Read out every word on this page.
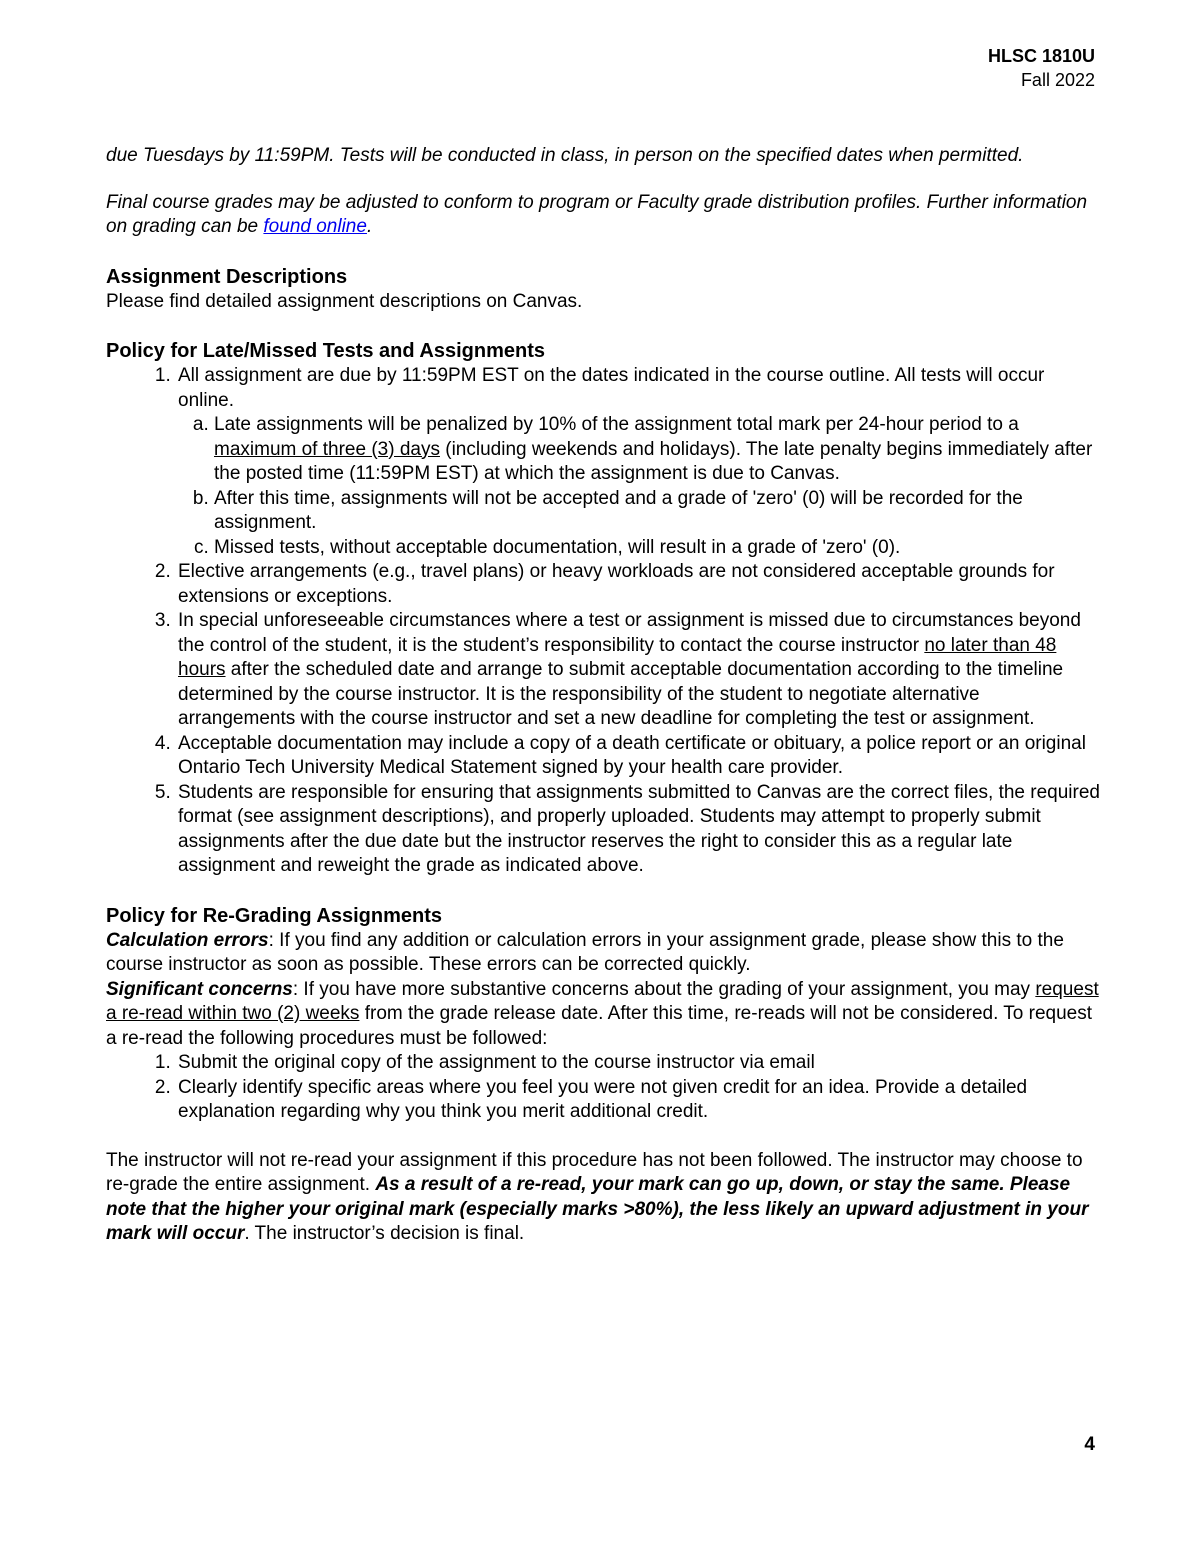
HLSC 1810U
Fall 2022

due Tuesdays by 11:59PM. Tests will be conducted in class, in person on the specified dates when permitted.

Final course grades may be adjusted to conform to program or Faculty grade distribution profiles. Further information on grading can be found online.

Assignment Descriptions

Please find detailed assignment descriptions on Canvas.

Policy for Late/Missed Tests and Assignments
1. All assignment are due by 11:59PM EST on the dates indicated in the course outline. All tests will occur online.
a. Late assignments will be penalized by 10% of the assignment total mark per 24-hour period to a maximum of three (3) days (including weekends and holidays). The late penalty begins immediately after the posted time (11:59PM EST) at which the assignment is due to Canvas.
b. After this time, assignments will not be accepted and a grade of 'zero' (0) will be recorded for the assignment.
c. Missed tests, without acceptable documentation, will result in a grade of 'zero' (0).
2. Elective arrangements (e.g., travel plans) or heavy workloads are not considered acceptable grounds for extensions or exceptions.
3. In special unforeseeable circumstances where a test or assignment is missed due to circumstances beyond the control of the student, it is the student’s responsibility to contact the course instructor no later than 48 hours after the scheduled date and arrange to submit acceptable documentation according to the timeline determined by the course instructor. It is the responsibility of the student to negotiate alternative arrangements with the course instructor and set a new deadline for completing the test or assignment.
4. Acceptable documentation may include a copy of a death certificate or obituary, a police report or an original Ontario Tech University Medical Statement signed by your health care provider.
5. Students are responsible for ensuring that assignments submitted to Canvas are the correct files, the required format (see assignment descriptions), and properly uploaded. Students may attempt to properly submit assignments after the due date but the instructor reserves the right to consider this as a regular late assignment and reweight the grade as indicated above.
Policy for Re-Grading Assignments

Calculation errors: If you find any addition or calculation errors in your assignment grade, please show this to the course instructor as soon as possible. These errors can be corrected quickly.

Significant concerns: If you have more substantive concerns about the grading of your assignment, you may request a re-read within two (2) weeks from the grade release date. After this time, re-reads will not be considered. To request a re-read the following procedures must be followed:

1. Submit the original copy of the assignment to the course instructor via email
2. Clearly identify specific areas where you feel you were not given credit for an idea. Provide a detailed explanation regarding why you think you merit additional credit.

The instructor will not re-read your assignment if this procedure has not been followed. The instructor may choose to re-grade the entire assignment. As a result of a re-read, your mark can go up, down, or stay the same. Please note that the higher your original mark (especially marks >80%), the less likely an upward adjustment in your mark will occur. The instructor’s decision is final.

4
